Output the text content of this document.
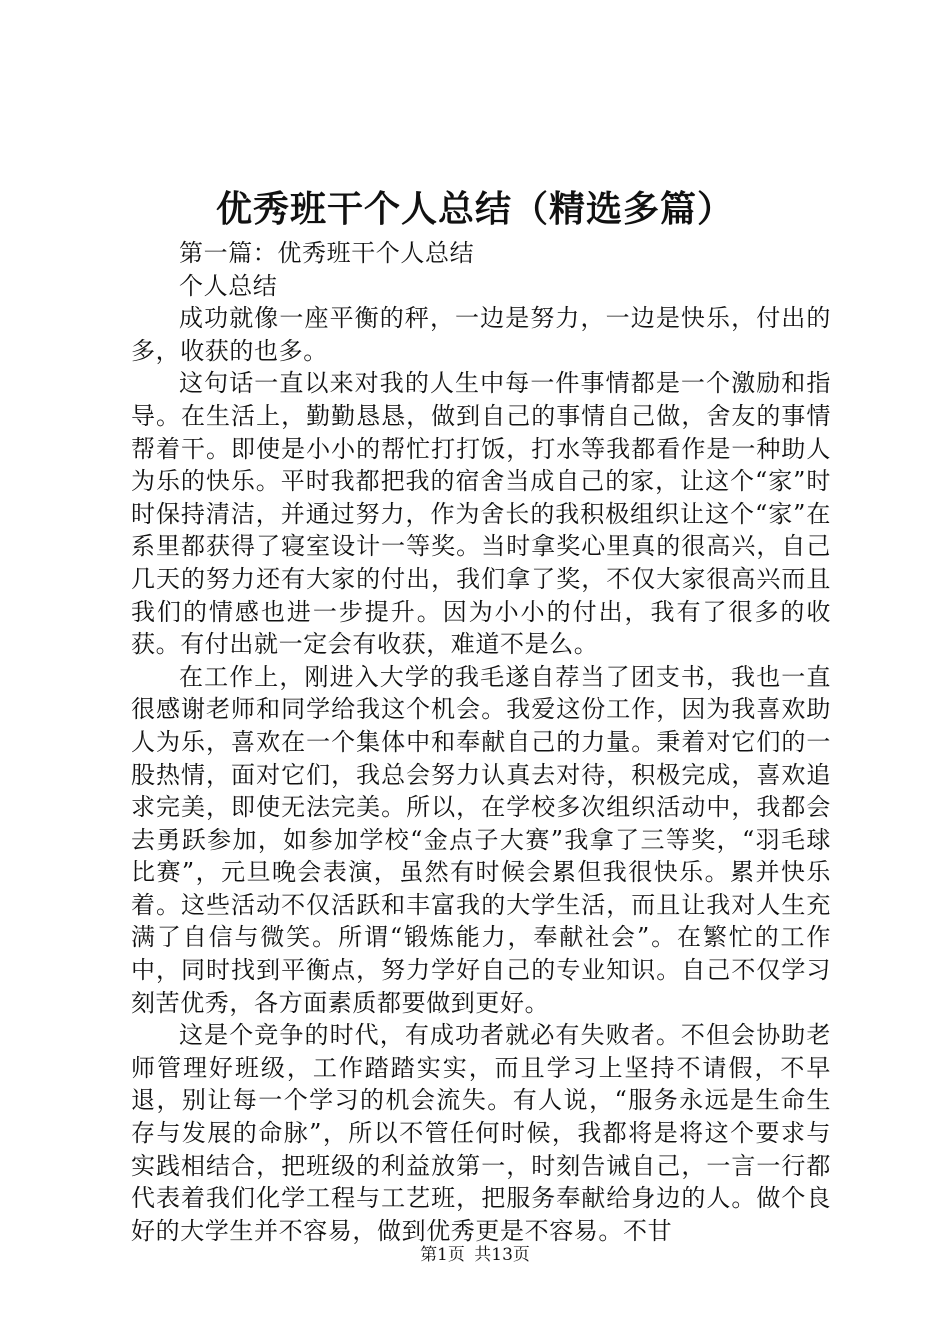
优秀班干个人总结（精选多篇）

第一篇：优秀班干个人总结

个人总结

成功就像一座平衡的秤，一边是努力，一边是快乐，付出的多，收获的也多。

这句话一直以来对我的人生中每一件事情都是一个激励和指导。在生活上，勤勤恳恳，做到自己的事情自己做，舍友的事情帮着干。即使是小小的帮忙打打饭，打水等我都看作是一种助人为乐的快乐。平时我都把我的宿舍当成自己的家，让这个“家”时时保持清洁，并通过努力，作为舍长的我积极组织让这个“家”在系里都获得了寝室设计一等奖。当时拿奖心里真的很高兴，自己几天的努力还有大家的付出，我们拿了奖，不仅大家很高兴而且我们的情感也进一步提升。因为小小的付出，我有了很多的收获。有付出就一定会有收获，难道不是么。

在工作上，刚进入大学的我毛遂自荐当了团支书，我也一直很感谢老师和同学给我这个机会。我爱这份工作，因为我喜欢助人为乐，喜欢在一个集体中和奉献自己的力量。秉着对它们的一股热情，面对它们，我总会努力认真去对待，积极完成，喜欢追求完美，即使无法完美。所以，在学校多次组织活动中，我都会去勇跃参加，如参加学校“金点子大赛”我拿了三等奖，“羽毛球比赛”，元旦晚会表演，虽然有时候会累但我很快乐。累并快乐着。这些活动不仅活跃和丰富我的大学生活，而且让我对人生充满了自信与微笑。所谓“锻炼能力，奉献社会”。在繁忙的工作中，同时找到平衡点，努力学好自己的专业知识。自己不仅学习刻苦优秀，各方面素质都要做到更好。

这是个竞争的时代，有成功者就必有失败者。不但会协助老师管理好班级，工作踏踏实实，而且学习上坚持不请假，不早退，别让每一个学习的机会流失。有人说，“服务永远是生命生存与发展的命脉”，所以不管任何时候，我都将是将这个要求与实践相结合，把班级的利益放第一，时刻告诫自己，一言一行都代表着我们化学工程与工艺班，把服务奉献给身边的人。做个良好的大学生并不容易，做到优秀更是不容易。不甘

第1页 共13页
